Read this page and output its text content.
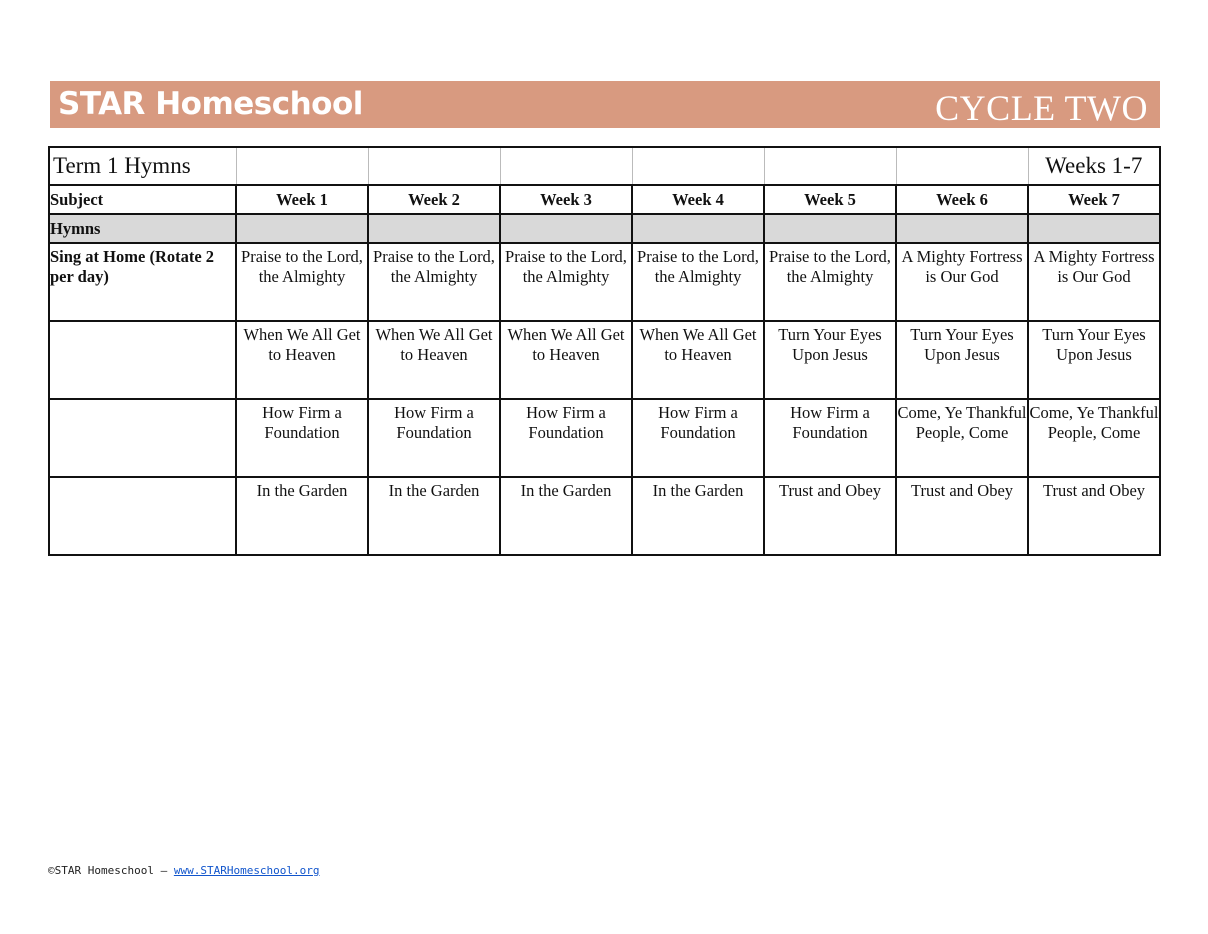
STAR Homeschool	CYCLE TWO
Term 1 Hymns							Weeks 1-7
Subject	Week 1	Week 2	Week 3	Week 4	Week 5	Week 6	Week 7
Hymns							
Sing at Home (Rotate 2 per day)	Praise to the Lord, the Almighty	Praise to the Lord, the Almighty	Praise to the Lord, the Almighty	Praise to the Lord, the Almighty	Praise to the Lord, the Almighty	A Mighty Fortress is Our God	A Mighty Fortress is Our God
	When We All Get to Heaven	When We All Get to Heaven	When We All Get to Heaven	When We All Get to Heaven	Turn Your Eyes Upon Jesus	Turn Your Eyes Upon Jesus	Turn Your Eyes Upon Jesus
	How Firm a Foundation	How Firm a Foundation	How Firm a Foundation	How Firm a Foundation	How Firm a Foundation	Come, Ye Thankful People, Come	Come, Ye Thankful People, Come
	In the Garden	In the Garden	In the Garden	In the Garden	Trust and Obey	Trust and Obey	Trust and Obey
©STAR Homeschool – www.STARHomeschool.org
